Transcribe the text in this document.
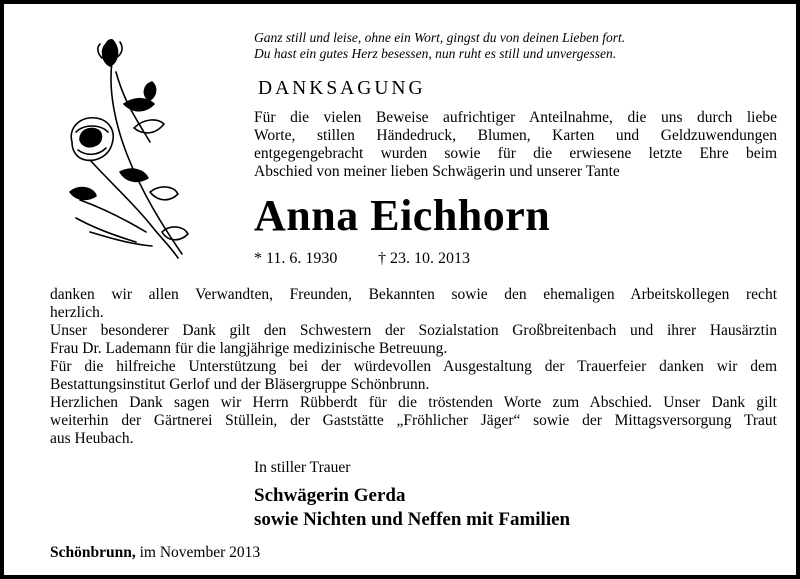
Ganz still und leise, ohne ein Wort, gingst du von deinen Lieben fort.
Du hast ein gutes Herz besessen, nun ruht es still und unvergessen.
DANKSAGUNG
Für die vielen Beweise aufrichtiger Anteilnahme, die uns durch liebe
Worte, stillen Händedruck, Blumen, Karten und Geldzuwendungen
entgegengebracht wurden sowie für die erwiesene letzte Ehre beim
Abschied von meiner lieben Schwägerin und unserer Tante
Anna Eichhorn
* 11. 6. 1930	† 23. 10. 2013
danken wir allen Verwandten, Freunden, Bekannten sowie den ehemaligen Arbeitskollegen recht
herzlich.
Unser besonderer Dank gilt den Schwestern der Sozialstation Großbreitenbach und ihrer Hausärztin
Frau Dr. Lademann für die langjährige medizinische Betreuung.
Für die hilfreiche Unterstützung bei der würdevollen Ausgestaltung der Trauerfeier danken wir dem
Bestattungsinstitut Gerlof und der Bläsergruppe Schönbrunn.
Herzlichen Dank sagen wir Herrn Rübberdt für die tröstenden Worte zum Abschied. Unser Dank gilt
weiterhin der Gärtnerei Stüllein, der Gaststätte „Fröhlicher Jäger“ sowie der Mittagsversorgung Traut
aus Heubach.
In stiller Trauer
Schwägerin Gerda
sowie Nichten und Neffen mit Familien
Schönbrunn, im November 2013
